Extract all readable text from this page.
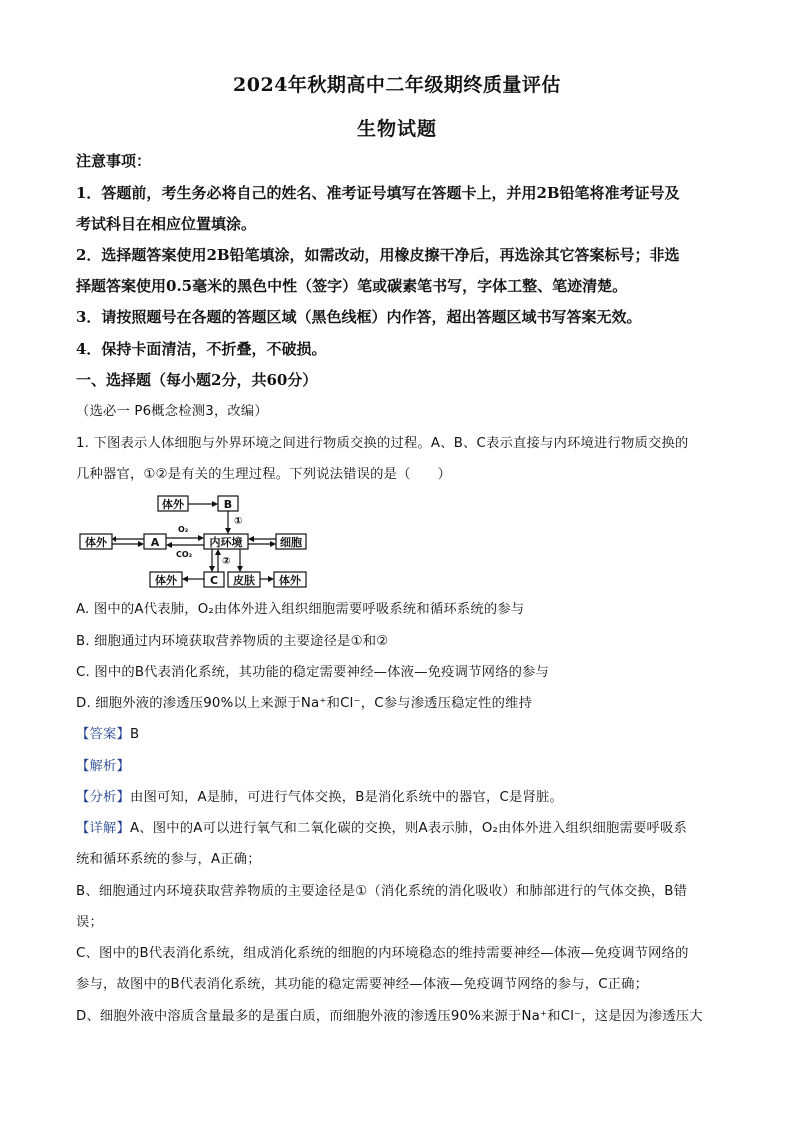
2024年秋期高中二年级期终质量评估
生物试题
注意事项：
1．答题前，考生务必将自己的姓名、准考证号填写在答题卡上，并用2B铅笔将准考证号及
考试科目在相应位置填涂。
2．选择题答案使用2B铅笔填涂，如需改动，用橡皮擦干净后，再选涂其它答案标号；非选
择题答案使用0.5毫米的黑色中性（签字）笔或碳素笔书写，字体工整、笔迹清楚。
3．请按照题号在各题的答题区域（黑色线框）内作答，超出答题区域书写答案无效。
4．保持卡面清洁，不折叠，不破损。
一、选择题（每小题2分，共60分）
（选必一 P6概念检测3，改编）
1. 下图表示人体细胞与外界环境之间进行物质交换的过程。A、B、C表示直接与内环境进行物质交换的
几种器官，①②是有关的生理过程。下列说法错误的是（　　）
体外	B
①
体外	A
O₂
CO₂
内环境	细胞
②
体外	C 皮肤 体外
A. 图中的A代表肺，O₂由体外进入组织细胞需要呼吸系统和循环系统的参与
B. 细胞通过内环境获取营养物质的主要途径是①和②
C. 图中的B代表消化系统，其功能的稳定需要神经—体液—免疫调节网络的参与
D. 细胞外液的渗透压90%以上来源于Na⁺和Cl⁻，C参与渗透压稳定性的维持
【答案】B
【解析】
【分析】由图可知，A是肺，可进行气体交换，B是消化系统中的器官，C是肾脏。
【详解】A、图中的A可以进行氧气和二氧化碳的交换，则A表示肺，O₂由体外进入组织细胞需要呼吸系
统和循环系统的参与，A正确；
B、细胞通过内环境获取营养物质的主要途径是①（消化系统的消化吸收）和肺部进行的气体交换，B错
误；
C、图中的B代表消化系统，组成消化系统的细胞的内环境稳态的维持需要神经—体液—免疫调节网络的
参与，故图中的B代表消化系统，其功能的稳定需要神经—体液—免疫调节网络的参与，C正确；
D、细胞外液中溶质含量最多的是蛋白质，而细胞外液的渗透压90%来源于Na⁺和Cl⁻，这是因为渗透压大
